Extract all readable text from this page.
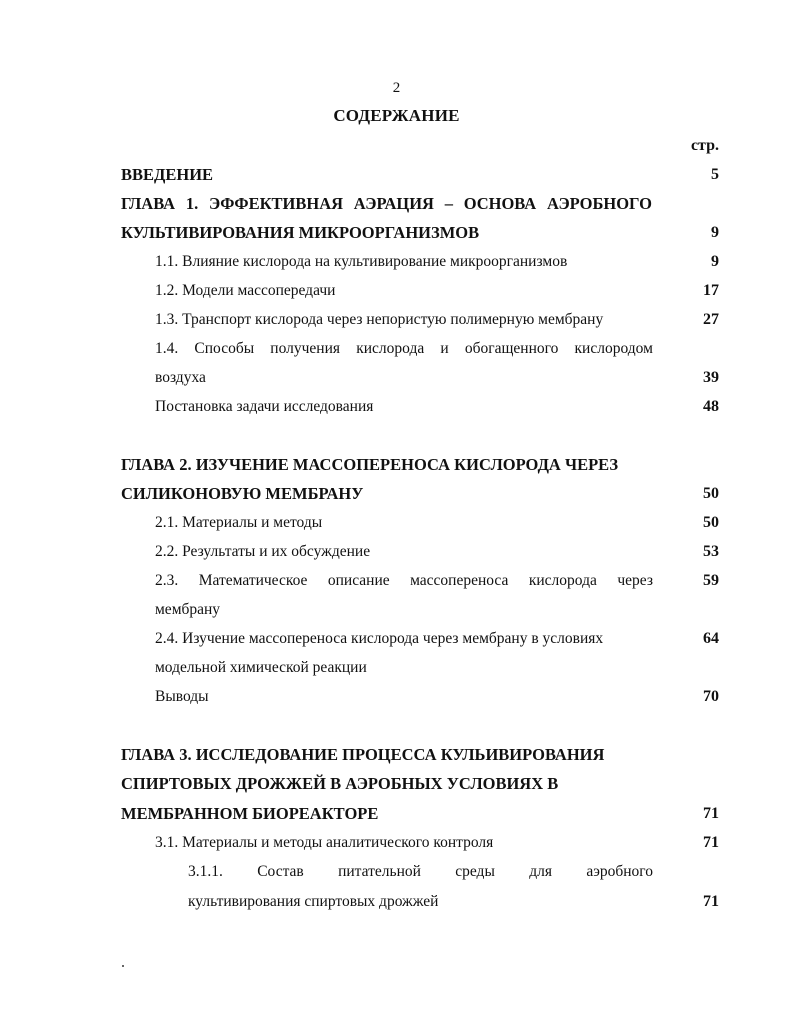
2
СОДЕРЖАНИЕ
стр.
ВВЕДЕНИЕ	5
ГЛАВА 1. ЭФФЕКТИВНАЯ АЭРАЦИЯ – ОСНОВА АЭРОБНОГО
КУЛЬТИВИРОВАНИЯ МИКРООРГАНИЗМОВ	9
1.1. Влияние кислорода на культивирование микроорганизмов	9
1.2. Модели массопередачи	17
1.3. Транспорт кислорода через непористую полимерную мембрану	27
1.4. Способы получения кислорода и обогащенного кислородом
воздуха	39
Постановка задачи исследования	48
ГЛАВА 2. ИЗУЧЕНИЕ МАССОПЕРЕНОСА КИСЛОРОДА ЧЕРЕЗ
СИЛИКОНОВУЮ МЕМБРАНУ	50
2.1. Материалы и методы	50
2.2. Результаты и их обсуждение	53
2.3. Математическое описание массопереноса кислорода через	59
мембрану
2.4. Изучение массопереноса кислорода через мембрану в условиях	64
модельной химической реакции
Выводы	70
ГЛАВА 3. ИССЛЕДОВАНИЕ ПРОЦЕССА КУЛЬИВИРОВАНИЯ
СПИРТОВЫХ ДРОЖЖЕЙ В АЭРОБНЫХ УСЛОВИЯХ В
МЕМБРАННОМ БИОРЕАКТОРЕ	71
3.1. Материалы и методы аналитического контроля	71
3.1.1. Состав питательной среды для аэробного
культивирования спиртовых дрожжей	71
